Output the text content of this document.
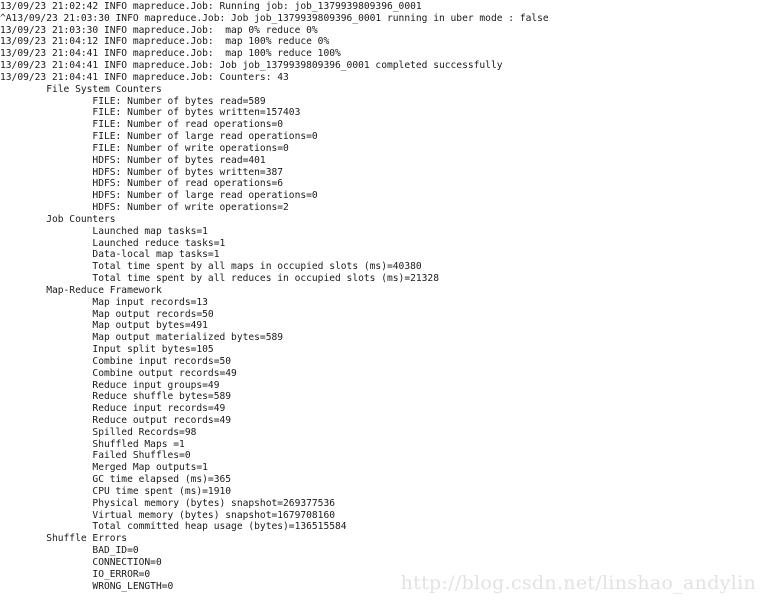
13/09/23 21:02:42 INFO mapreduce.Job: Running job: job_1379939809396_0001
^A13/09/23 21:03:30 INFO mapreduce.Job: Job job_1379939809396_0001 running in uber mode : false
13/09/23 21:03:30 INFO mapreduce.Job:  map 0% reduce 0%
13/09/23 21:04:12 INFO mapreduce.Job:  map 100% reduce 0%
13/09/23 21:04:41 INFO mapreduce.Job:  map 100% reduce 100%
13/09/23 21:04:41 INFO mapreduce.Job: Job job_1379939809396_0001 completed successfully
13/09/23 21:04:41 INFO mapreduce.Job: Counters: 43
File System Counters
FILE: Number of bytes read=589
FILE: Number of bytes written=157403
FILE: Number of read operations=0
FILE: Number of large read operations=0
FILE: Number of write operations=0
HDFS: Number of bytes read=401
HDFS: Number of bytes written=387
HDFS: Number of read operations=6
HDFS: Number of large read operations=0
HDFS: Number of write operations=2
Job Counters
Launched map tasks=1
Launched reduce tasks=1
Data-local map tasks=1
Total time spent by all maps in occupied slots (ms)=40380
Total time spent by all reduces in occupied slots (ms)=21328
Map-Reduce Framework
Map input records=13
Map output records=50
Map output bytes=491
Map output materialized bytes=589
Input split bytes=105
Combine input records=50
Combine output records=49
Reduce input groups=49
Reduce shuffle bytes=589
Reduce input records=49
Reduce output records=49
Spilled Records=98
Shuffled Maps =1
Failed Shuffles=0
Merged Map outputs=1
GC time elapsed (ms)=365
CPU time spent (ms)=1910
Physical memory (bytes) snapshot=269377536
Virtual memory (bytes) snapshot=1679708160
Total committed heap usage (bytes)=136515584
Shuffle Errors
BAD_ID=0
CONNECTION=0
IO_ERROR=0
WRONG_LENGTH=0	http://blog.csdn.net/linshao_andylin
